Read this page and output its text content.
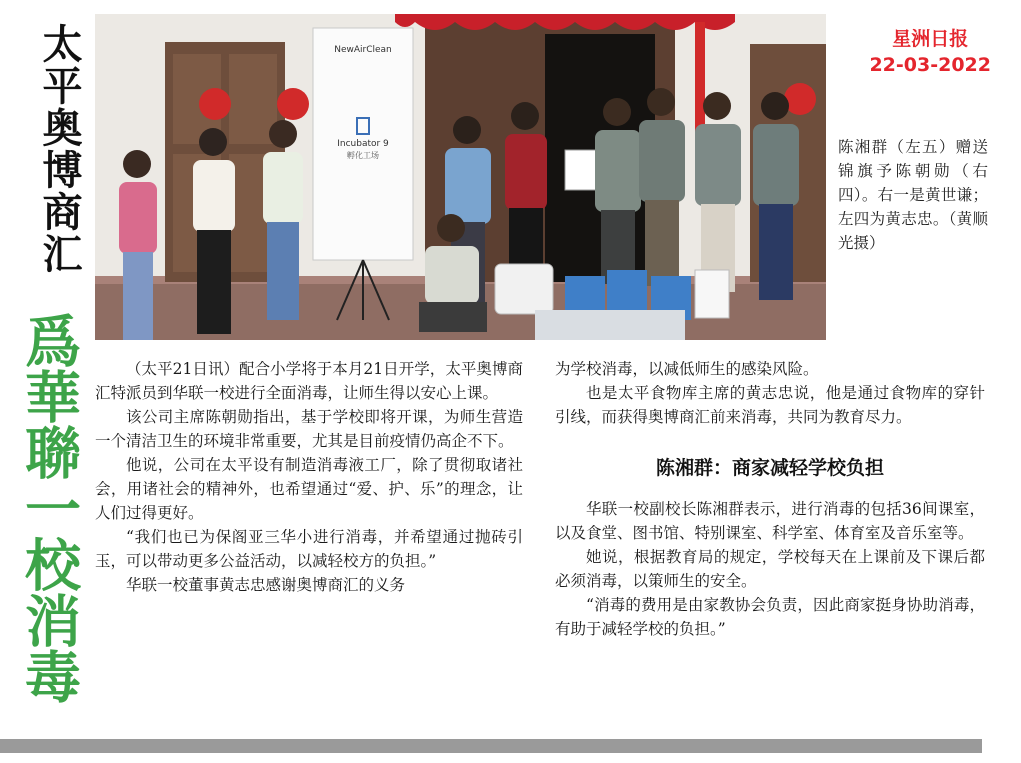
太平奥博商汇
爲華聯一校消毒
星洲日报
22-03-2022
NewAirClean
Incubator 9
孵化工场	陈湘群（左五）赠送锦旗予陈朝勋（右四）。右一是黄世谦；左四为黄志忠。（黄顺光摄）

（太平21日讯）配合小学将于本月21日开学，太平奥博商汇特派员到华联一校进行全面消毒，让师生得以安心上课。

该公司主席陈朝勋指出，基于学校即将开课，为师生营造一个清洁卫生的环境非常重要，尤其是目前疫情仍高企不下。

他说，公司在太平设有制造消毒液工厂，除了贯彻取诸社会，用诸社会的精神外，也希望通过“爱、护、乐”的理念，让人们过得更好。

“我们也已为保阁亚三华小进行消毒，并希望通过抛砖引玉，可以带动更多公益活动，以减轻校方的负担。”

华联一校董事黄志忠感谢奥博商汇的义务

为学校消毒，以减低师生的感染风险。

也是太平食物库主席的黄志忠说，他是通过食物库的穿针引线，而获得奥博商汇前来消毒，共同为教育尽力。

陈湘群：商家减轻学校负担

华联一校副校长陈湘群表示，进行消毒的包括36间课室，以及食堂、图书馆、特别课室、科学室、体育室及音乐室等。

她说，根据教育局的规定，学校每天在上课前及下课后都必须消毒，以策师生的安全。

“消毒的费用是由家教协会负责，因此商家挺身协助消毒，有助于减轻学校的负担。”
